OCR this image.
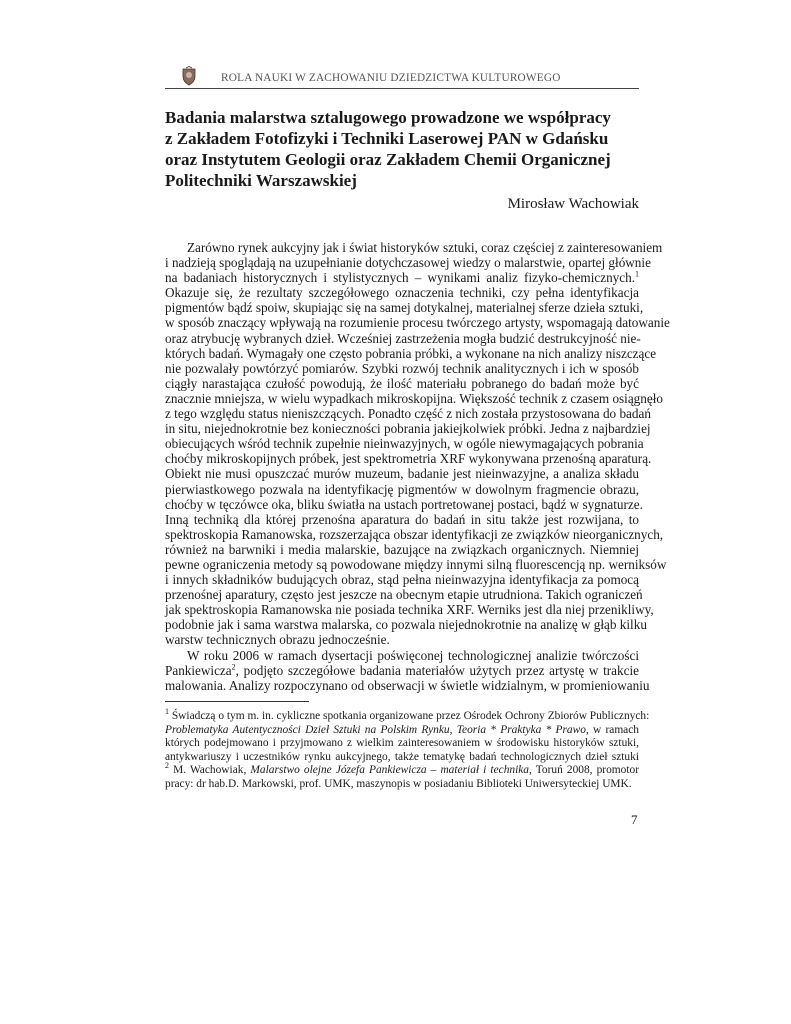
ROLA NAUKI W ZACHOWANIU DZIEDZICTWA KULTUROWEGO
Badania malarstwa sztalugowego prowadzone we współpracy
z Zakładem Fotofizyki i Techniki Laserowej PAN w Gdańsku
oraz Instytutem Geologii oraz Zakładem Chemii Organicznej
Politechniki Warszawskiej

Mirosław Wachowiak

Zarówno rynek aukcyjny jak i świat historyków sztuki, coraz częściej z zainteresowaniem
i nadzieją spoglądają na uzupełnianie dotychczasowej wiedzy o malarstwie, opartej głównie
na badaniach historycznych i stylistycznych – wynikami analiz fizyko-chemicznych.$^1$
Okazuje się, że rezultaty szczegółowego oznaczenia techniki, czy pełna identyfikacja
pigmentów bądź spoiw, skupiając się na samej dotykalnej, materialnej sferze dzieła sztuki,
w sposób znaczący wpływają na rozumienie procesu twórczego artysty, wspomagają datowanie
oraz atrybucję wybranych dzieł. Wcześniej zastrzeżenia mogła budzić destrukcyjność nie-
których badań. Wymagały one często pobrania próbki, a wykonane na nich analizy niszczące
nie pozwalały powtórzyć pomiarów. Szybki rozwój technik analitycznych i ich w sposób
ciągły narastająca czułość powodują, że ilość materiału pobranego do badań może być
znacznie mniejsza, w wielu wypadkach mikroskopijna. Większość technik z czasem osiągnęło
z tego względu status nieniszczących. Ponadto część z nich została przystosowana do badań
in situ, niejednokrotnie bez konieczności pobrania jakiejkolwiek próbki. Jedna z najbardziej
obiecujących wśród technik zupełnie nieinwazyjnych, w ogóle niewymagających pobrania
choćby mikroskopijnych próbek, jest spektrometria XRF wykonywana przenośną aparaturą.
Obiekt nie musi opuszczać murów muzeum, badanie jest nieinwazyjne, a analiza składu
pierwiastkowego pozwala na identyfikację pigmentów w dowolnym fragmencie obrazu,
choćby w tęczówce oka, bliku światła na ustach portretowanej postaci, bądź w sygnaturze.
Inną techniką dla której przenośna aparatura do badań in situ także jest rozwijana, to
spektroskopia Ramanowska, rozszerzająca obszar identyfikacji ze związków nieorganicznych,
również na barwniki i media malarskie, bazujące na związkach organicznych. Niemniej
pewne ograniczenia metody są powodowane między innymi silną fluorescencją np. werniksów
i innych składników budujących obraz, stąd pełna nieinwazyjna identyfikacja za pomocą
przenośnej aparatury, często jest jeszcze na obecnym etapie utrudniona. Takich ograniczeń
jak spektroskopia Ramanowska nie posiada technika XRF. Werniks jest dla niej przenikliwy,
podobnie jak i sama warstwa malarska, co pozwala niejednokrotnie na analizę w głąb kilku
warstw technicznych obrazu jednocześnie.
W roku 2006 w ramach dysertacji poświęconej technologicznej analizie twórczości
Pankiewicza$^2$, podjęto szczegółowe badania materiałów użytych przez artystę w trakcie
malowania. Analizy rozpoczynano od obserwacji w świetle widzialnym, w promieniowaniu
$^1$ Świadczą o tym m. in. cykliczne spotkania organizowane przez Ośrodek Ochrony Zbiorów Publicznych:
Problematyka Autentyczności Dzieł Sztuki na Polskim Rynku, Teoria * Praktyka * Prawo, w ramach
których podejmowano i przyjmowano z wielkim zainteresowaniem w środowisku historyków sztuki,
antykwariuszy i uczestników rynku aukcyjnego, także tematykę badań technologicznych dzieł sztuki
$^2$ M. Wachowiak, Malarstwo olejne Józefa Pankiewicza – materiał i technika, Toruń 2008, promotor
pracy: dr hab.D. Markowski, prof. UMK, maszynopis w posiadaniu Biblioteki Uniwersyteckiej UMK.
7
